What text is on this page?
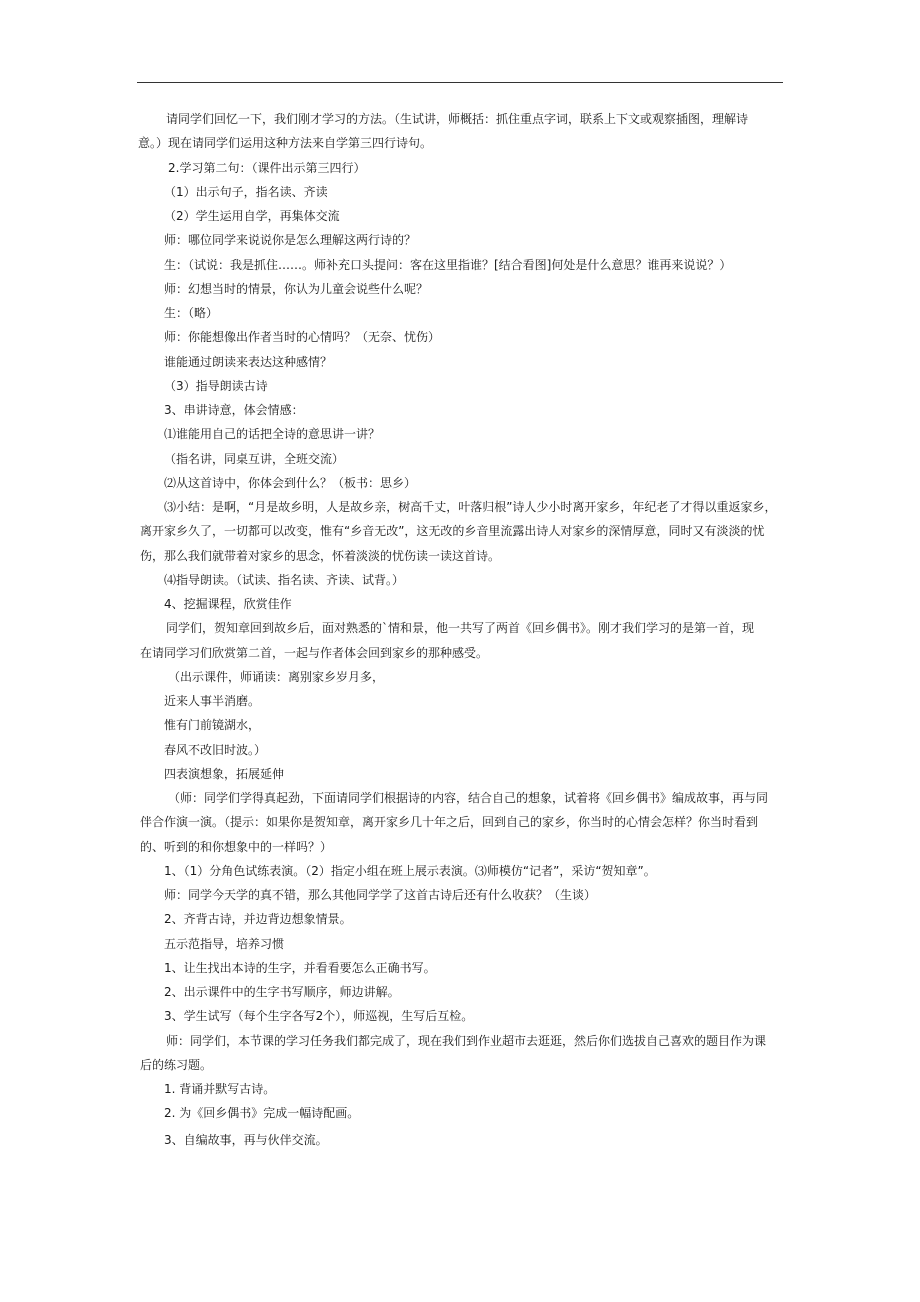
请同学们回忆一下，我们刚才学习的方法。（生试讲，师概括：抓住重点字词，联系上下文或观察插图，理解诗
意。）现在请同学们运用这种方法来自学第三四行诗句。
2.学习第二句：（课件出示第三四行）
（1）出示句子，指名读、齐读
（2）学生运用自学，再集体交流
师：哪位同学来说说你是怎么理解这两行诗的？
生：（试说：我是抓住……。师补充口头提问：客在这里指谁？[结合看图]何处是什么意思？谁再来说说？）
师：幻想当时的情景，你认为儿童会说些什么呢？
生：（略）
师：你能想像出作者当时的心情吗？（无奈、忧伤）
谁能通过朗读来表达这种感情？
（3）指导朗读古诗
3、串讲诗意，体会情感：
⑴谁能用自己的话把全诗的意思讲一讲？
（指名讲，同桌互讲，全班交流）
⑵从这首诗中，你体会到什么？（板书：思乡）
⑶小结：是啊，“月是故乡明，人是故乡亲，树高千丈，叶落归根”诗人少小时离开家乡，年纪老了才得以重返家乡，
离开家乡久了，一切都可以改变，惟有“乡音无改”，这无改的乡音里流露出诗人对家乡的深情厚意，同时又有淡淡的忧
伤，那么我们就带着对家乡的思念，怀着淡淡的忧伤读一读这首诗。
⑷指导朗读。（试读、指名读、齐读、试背。）
4、挖掘课程，欣赏佳作
同学们，贺知章回到故乡后，面对熟悉的`情和景，他一共写了两首《回乡偶书》。刚才我们学习的是第一首，现
在请同学习们欣赏第二首，一起与作者体会回到家乡的那种感受。
（出示课件，师诵读：离别家乡岁月多，
近来人事半消磨。
惟有门前镜湖水，
春风不改旧时波。）
四表演想象，拓展延伸
（师：同学们学得真起劲，下面请同学们根据诗的内容，结合自己的想象，试着将《回乡偶书》编成故事，再与同
伴合作演一演。（提示：如果你是贺知章，离开家乡几十年之后，回到自己的家乡，你当时的心情会怎样？你当时看到
的、听到的和你想象中的一样吗？）
1、（1）分角色试练表演。（2）指定小组在班上展示表演。⑶师模仿“记者”，采访“贺知章”。
师：同学今天学的真不错，那么其他同学学了这首古诗后还有什么收获？（生谈）
2、齐背古诗，并边背边想象情景。
五示范指导，培养习惯
1、让生找出本诗的生字，并看看要怎么正确书写。
2、出示课件中的生字书写顺序，师边讲解。
3、学生试写（每个生字各写2个），师巡视，生写后互检。
师：同学们，本节课的学习任务我们都完成了，现在我们到作业超市去逛逛，然后你们选拔自己喜欢的题目作为课
后的练习题。
1. 背诵并默写古诗。
2. 为《回乡偶书》完成一幅诗配画。
3、自编故事，再与伙伴交流。
